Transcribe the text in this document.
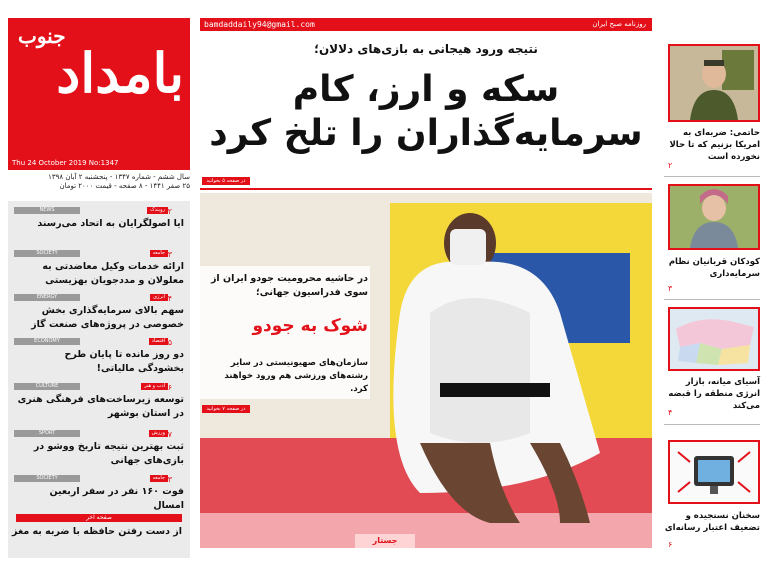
bamdaddaily94@gmail.com	روزنامه صبح ایران
جنوب
بامداد
Thu 24 October 2019 No:1347
سال ششم - شماره ۱۳۴۷ - پنجشنبه ۲ آبان ۱۳۹۸
۲۵ صفر ۱۴۴۱ - ۸ صفحه - قیمت ۲۰۰۰ تومان
روبندک ۲
NEWS
ایا اصولگرایان به اتحاد می‌رسند
جامعه ۳
SOCIETY
ارائه خدمات وکیل معاضدتی به معلولان و مددجویان بهزیستی
انرژی ۴
ENERGY
سهم بالای سرمایه‌گذاری بخش خصوصی در پروژه‌های صنعت گاز
اقتصاد ۵
ECONOMY
دو روز مانده تا پایان طرح بخشودگی مالیاتی!
ادب و هنر ۶
CULTURE
توسعه زیرساخت‌های فرهنگی هنری در استان بوشهر
ورزش ۷
SPORT
ثبت بهترین نتیجه تاریخ ووشو در بازی‌های جهانی
جامعه ۳
SOCIETY
فوت ۱۶۰ نفر در سفر اربعین امسال
صفحه آخر
از دست رفتن حافظه با ضربه به مغز
نتیجه ورود هیجانی به بازی‌های دلالان؛
سکه و ارز، کام
سرمایه‌گذاران را تلخ کرد
در صفحه ۵ بخوانید
در حاشیه محرومیت جودو ایران از سوی فدراسیون جهانی؛
شوک به جودو
سازمان‌های صهیونیستی در سایر رشته‌های ورزشی هم ورود خواهند کرد.
در صفحه ۷ بخوانید
جستار
حاتمی: ضربه‌ای به امریکا بزنیم که تا حالا نخورده است
۲
کودکان قربانیان نظام سرمایه‌داری
۳
آسیای میانه، بازار انرژی منطقه را قبضه می‌کند
۴
سخنان نسنجیده و تضعیف اعتبار رسانه‌ای
۶
